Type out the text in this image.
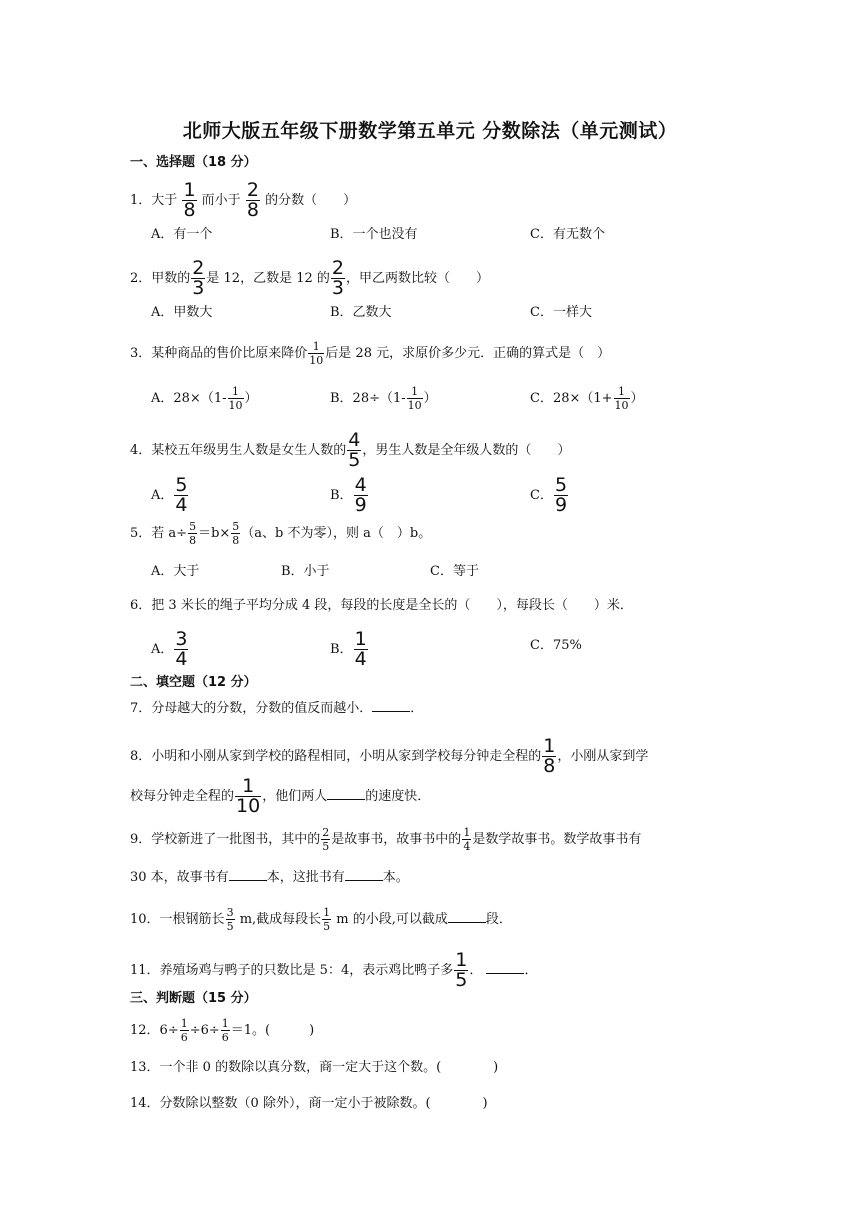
北师大版五年级下册数学第五单元 分数除法（单元测试）
一、选择题（18 分）
1．大于 $\frac{1}{8}$ 而小于 $\frac{2}{8}$ 的分数（　　）
A．有一个	B．一个也没有	C．有无数个
2．甲数的 $\frac{2}{3}$ 是 12，乙数是 12 的 $\frac{2}{3}$ ，甲乙两数比较（　　）
A．甲数大	B．乙数大	C．一样大
3．某种商品的售价比原来降价 $\frac{1}{10}$ 后是 28 元，求原价多少元．正确的算式是（　）
A．$28\times(1- \frac{1}{10}$ ）	B．$28\div(1- \frac{1}{10}$ ）	C．$28\times(1+ \frac{1}{10}$ ）
4．某校五年级男生人数是女生人数的 $\frac{4}{5}$ ，男生人数是全年级人数的（　　）
A． $\frac{5}{4}$	B． $\frac{4}{9}$	C． $\frac{5}{9}$
5．若 $a\div \frac{5}{8} =b\times \frac{5}{8} (a$、b 不为零），则 a（　）b。
A．大于	B．小于	C．等于
6．把 3 米长的绳子平均分成 4 段，每段的长度是全长的（　　），每段长（　　）米．
A． $\frac{3}{4}$	B． $\frac{1}{4}$	C．75%
二、填空题（12 分）
7．分母越大的分数，分数的值反而越小．	．
8．小明和小刚从家到学校的路程相同，小明从家到学校每分钟走全程的 $\frac{1}{8}$ ，小刚从家到学
校每分钟走全程的 $\frac{1}{10}$ ，他们两人	的速度快．
9．学校新进了一批图书，其中的 $\frac{2}{5}$ 是故事书，故事书中的 $\frac{1}{4}$ 是数学故事书。数学故事书有
30 本，故事书有	本，这批书有	本。
10．一根钢筋长 $\frac{3}{5} m$,截成每段长 $\frac{1}{5}$ m 的小段,可以截成	段．
11．养殖场鸡与鸭子的只数比是 5：4，表示鸡比鸭子多 $\frac{1}{5}$ ．	．
三、判断题（15 分）
12．$6\div \frac{1}{6} \div 6\div \frac{1}{6} =1$。(　　　)
13．一个非 0 的数除以真分数，商一定大于这个数。(　　　　)
14．分数除以整数（0 除外），商一定小于被除数。(　　　　)
